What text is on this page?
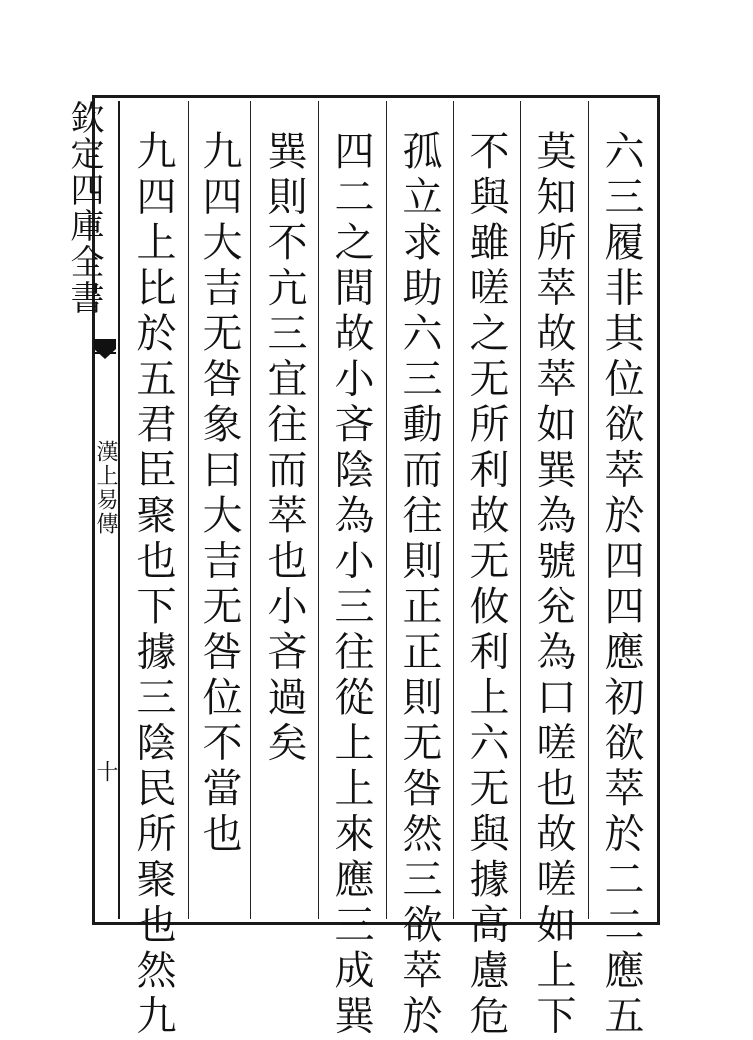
欽定四庫全書
漢上易傳
十	六三履非其位欲萃於四四應初欲萃於二二應五
莫知所萃故萃如巽為號兊為口嗟也故嗟如上下
不與雖嗟之无所利故无攸利上六无與據高慮危
孤立求助六三動而往則正正則无咎然三欲萃於
四二之間故小吝陰為小三往從上上來應三成巽
巽則不亢三宜往而萃也小吝過矣
九四大吉无咎象曰大吉无咎位不當也
九四上比於五君臣聚也下據三陰民所聚也然九
